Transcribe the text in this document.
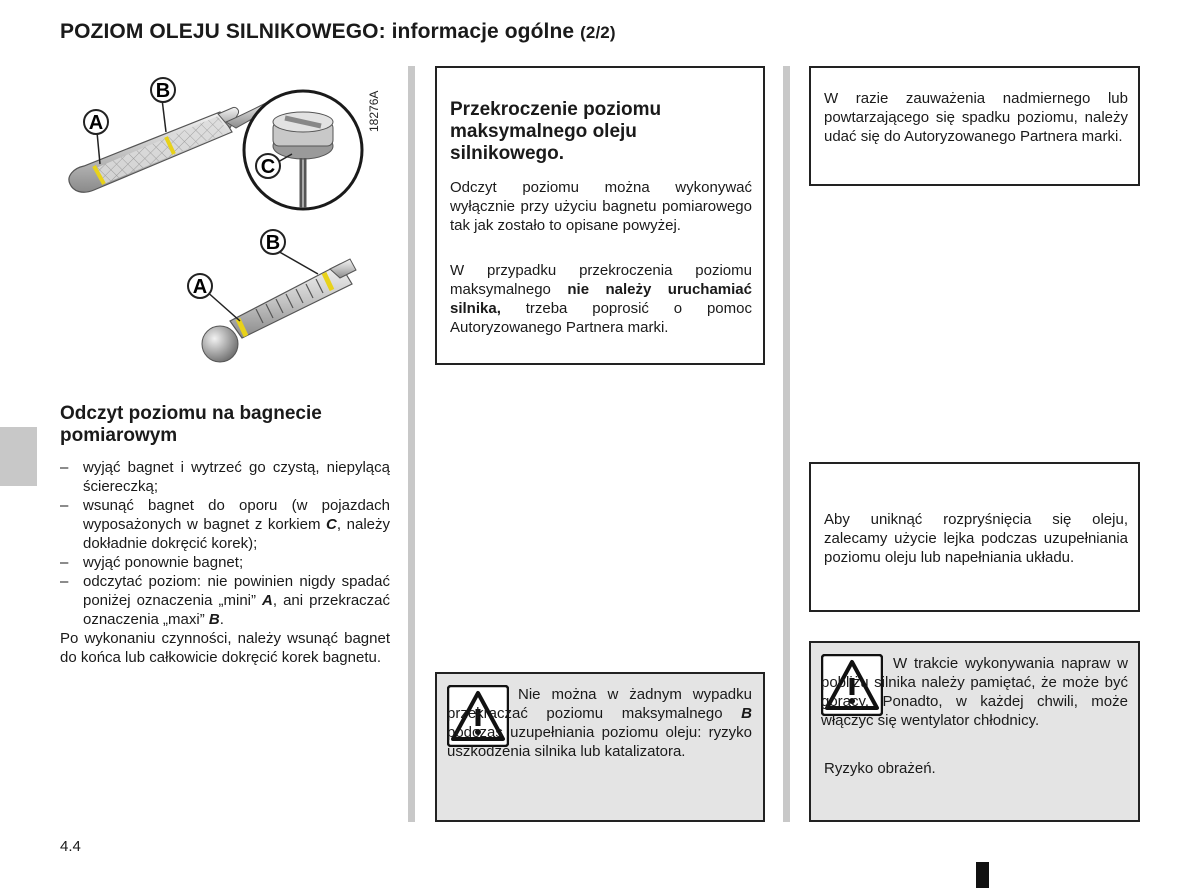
POZIOM OLEJU SILNIKOWEGO: informacje ogólne (2/2)
A
B
C
B
A
18276A
Odczyt poziomu na bagnecie pomiarowym
– wyjąć bagnet i wytrzeć go czystą, niepylącą ściereczką;
– wsunąć bagnet do oporu (w pojazdach wyposażonych w bagnet z korkiem C, należy dokładnie dokręcić korek);
– wyjąć ponownie bagnet;
– odczytać poziom: nie powinien nigdy spadać poniżej oznaczenia „mini” A, ani przekraczać oznaczenia „maxi” B.

Po wykonaniu czynności, należy wsunąć bagnet do końca lub całkowicie dokręcić korek bagnetu.

Przekroczenie poziomu maksymalnego oleju silnikowego.

Odczyt poziomu można wykonywać wyłącznie przy użyciu bagnetu pomiarowego tak jak zostało to opisane powyżej.

W przypadku przekroczenia poziomu maksymalnego nie należy uruchamiać silnika, trzeba poprosić o pomoc Autoryzowanego Partnera marki.

Nie można w żadnym wypadku przekraczać poziomu maksymalnego B podczas uzupełniania poziomu oleju: ryzyko uszkodzenia silnika lub katalizatora.

W razie zauważenia nadmiernego lub powtarzającego się spadku poziomu, należy udać się do Autoryzowanego Partnera marki.

Aby uniknąć rozpryśnięcia się oleju, zalecamy użycie lejka podczas uzupełniania poziomu oleju lub napełniania układu.

W trakcie wykonywania napraw w pobliżu silnika należy pamiętać, że może być gorący. Ponadto, w każdej chwili, może włączyć się wentylator chłodnicy.

Ryzyko obrażeń.

4.4
